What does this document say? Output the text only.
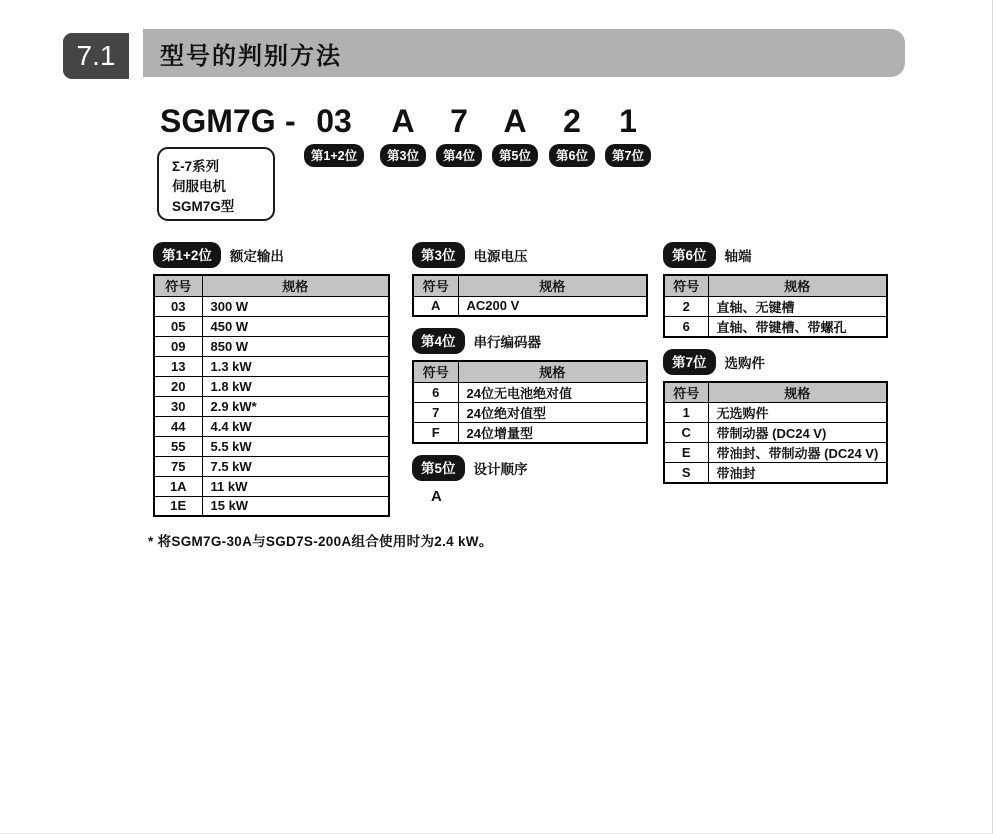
7.1 型号的判别方法
SGM7G - 03
第1+2位
A
第3位
7
第4位
A
第5位
2
第6位
1
第7位
Σ-7系列
伺服电机
SGM7G型
第1+2位	额定输出
符号	规格
03	300 W
05	450 W
09	850 W
13	1.3 kW
20	1.8 kW
30	2.9 kW*
44	4.4 kW
55	5.5 kW
75	7.5 kW
1A	11 kW
1E	15 kW
第3位	电源电压
符号	规格
A	AC200 V
第4位	串行编码器
符号	规格
6	24位无电池绝对值
7	24位绝对值型
F	24位增量型
第5位	设计顺序
A
第6位	轴端
符号	规格
2	直轴、无键槽
6	直轴、带键槽、带螺孔
第7位	选购件
符号	规格
1	无选购件
C	带制动器 (DC24 V)
E	带油封、带制动器 (DC24 V)
S	带油封
* 将SGM7G-30A与SGD7S-200A组合使用时为2.4 kW。
